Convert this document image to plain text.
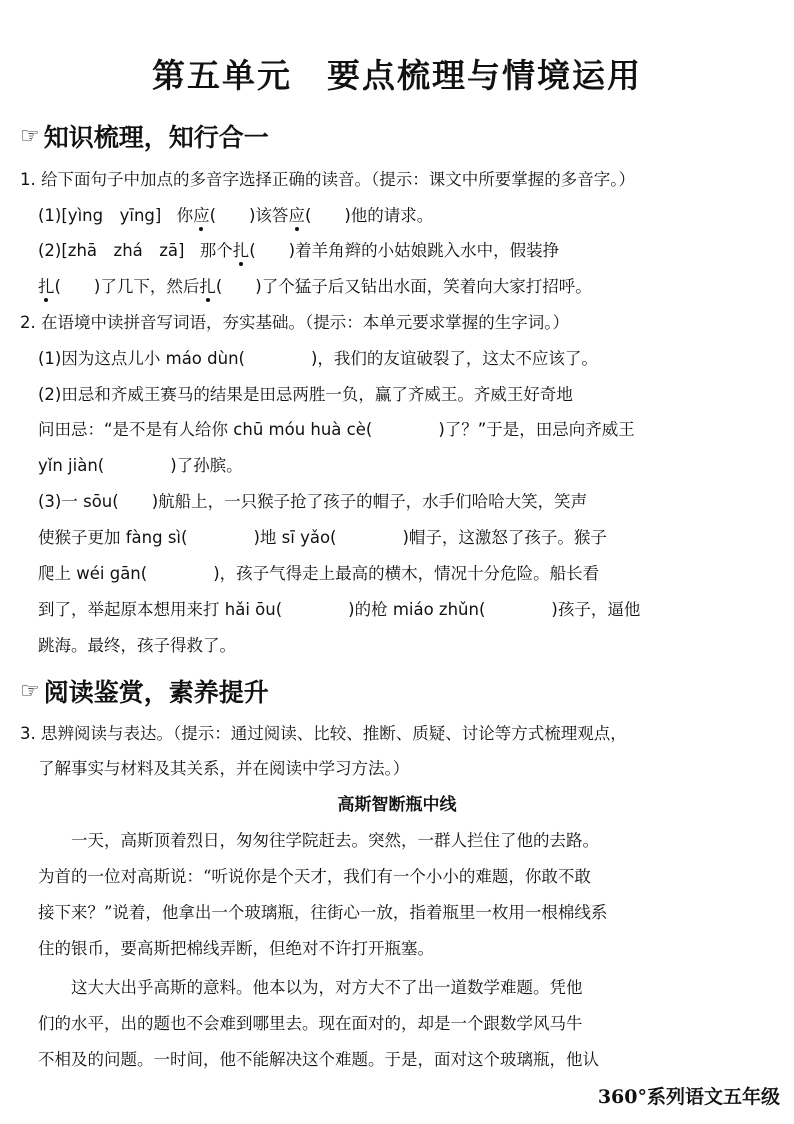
第五单元　要点梳理与情境运用
☞ 知识梳理，知行合一
1. 给下面句子中加点的多音字选择正确的读音。（提示：课文中所要掌握的多音字。）
(1)[yìng　yīng] 你应(　　)该答应(　　)他的请求。
(2)[zhā　zhá　zā] 那个扎(　　)着羊角辫的小姑娘跳入水中，假装挣
扎(　　)了几下，然后扎(　　)了个猛子后又钻出水面，笑着向大家打招呼。
2. 在语境中读拼音写词语，夯实基础。（提示：本单元要求掌握的生字词。）
(1)因为这点儿小 máo dùn(　　　　)，我们的友谊破裂了，这太不应该了。
(2)田忌和齐威王赛马的结果是田忌两胜一负，赢了齐威王。齐威王好奇地
问田忌：“是不是有人给你 chū móu huà cè(　　　　)了？”于是，田忌向齐威王
yǐn jiàn(　　　　)了孙膑。
(3)一 sōu(　　)航船上，一只猴子抢了孩子的帽子，水手们哈哈大笑，笑声
使猴子更加 fàng sì(　　　　)地 sī yǎo(　　　　)帽子，这激怒了孩子。猴子
爬上 wéi gān(　　　　)，孩子气得走上最高的横木，情况十分危险。船长看
到了，举起原本想用来打 hǎi ōu(　　　　)的枪 miáo zhǔn(　　　　)孩子，逼他
跳海。最终，孩子得救了。
☞ 阅读鉴赏，素养提升
3. 思辨阅读与表达。（提示：通过阅读、比较、推断、质疑、讨论等方式梳理观点，
了解事实与材料及其关系，并在阅读中学习方法。）
高斯智断瓶中线
　　一天，高斯顶着烈日，匆匆往学院赶去。突然，一群人拦住了他的去路。
为首的一位对高斯说：“听说你是个天才，我们有一个小小的难题，你敢不敢
接下来？”说着，他拿出一个玻璃瓶，往街心一放，指着瓶里一枚用一根棉线系
住的银币，要高斯把棉线弄断，但绝对不许打开瓶塞。
　　这大大出乎高斯的意料。他本以为，对方大不了出一道数学难题。凭他
们的水平，出的题也不会难到哪里去。现在面对的，却是一个跟数学风马牛
不相及的问题。一时间，他不能解决这个难题。于是，面对这个玻璃瓶，他认
360°系列语文五年级
